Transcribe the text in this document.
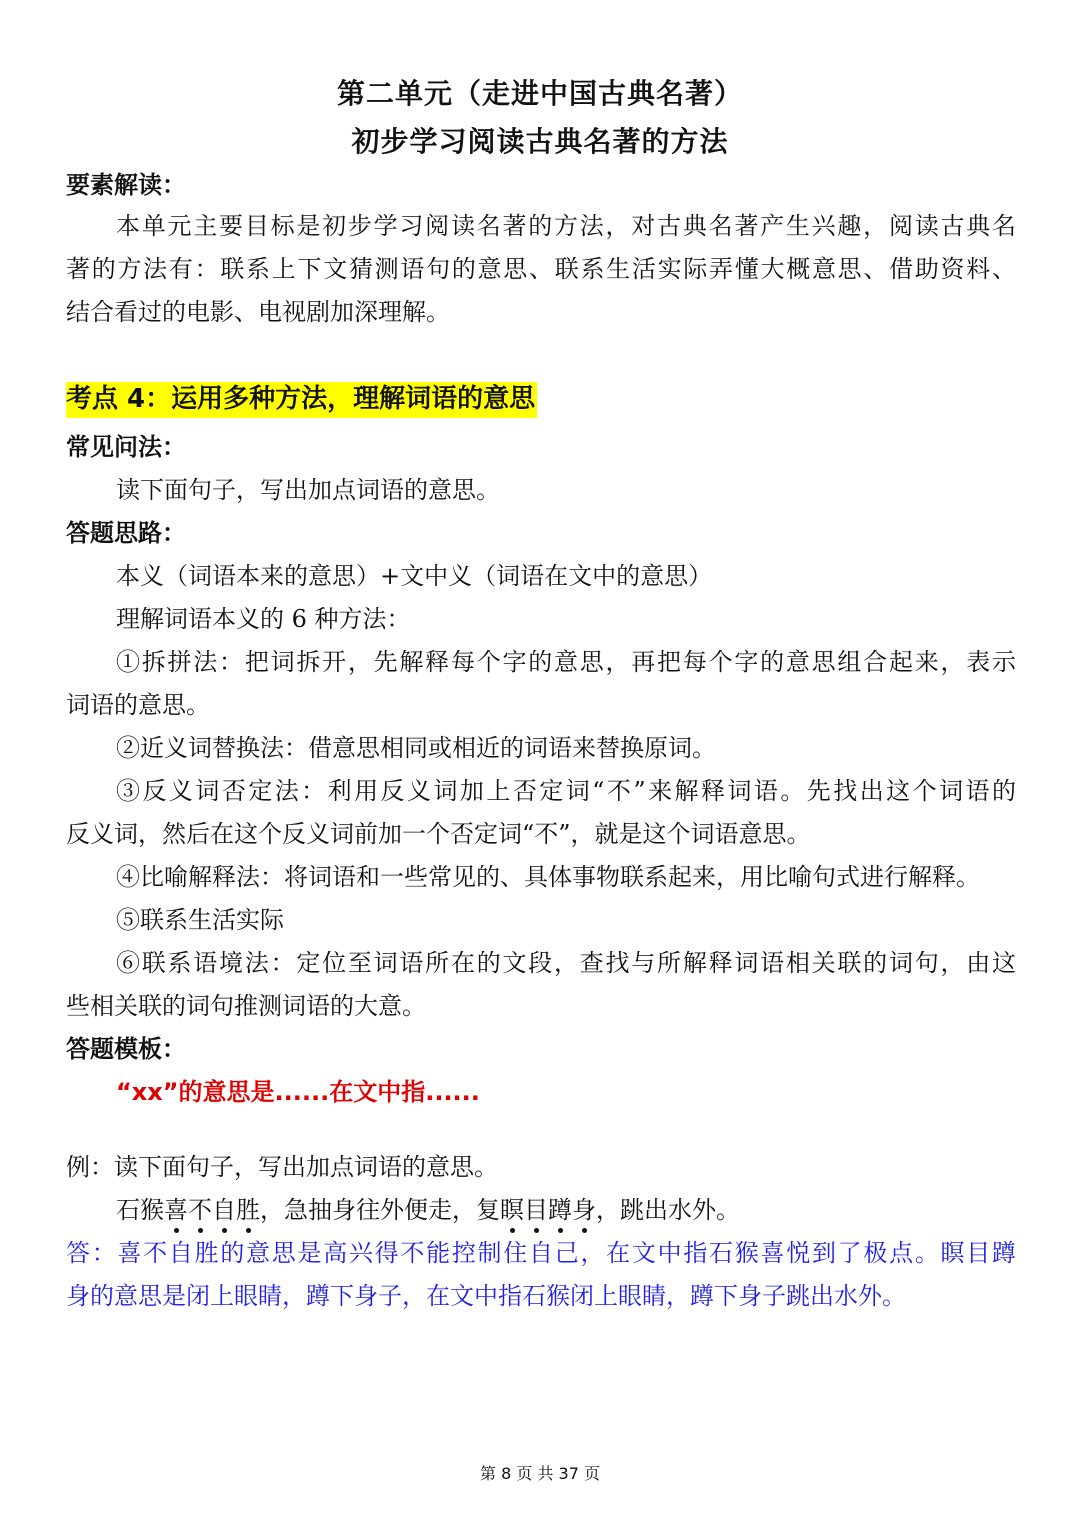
第二单元（走进中国古典名著）
初步学习阅读古典名著的方法
要素解读：
本单元主要目标是初步学习阅读名著的方法，对古典名著产生兴趣，阅读古典名
著的方法有：联系上下文猜测语句的意思、联系生活实际弄懂大概意思、借助资料、
结合看过的电影、电视剧加深理解。
考点 4：运用多种方法，理解词语的意思
常见问法：
读下面句子，写出加点词语的意思。
答题思路：
本义（词语本来的意思）+文中义（词语在文中的意思）
理解词语本义的 6 种方法：
①拆拼法：把词拆开，先解释每个字的意思，再把每个字的意思组合起来，表示
词语的意思。
②近义词替换法：借意思相同或相近的词语来替换原词。
③反义词否定法：利用反义词加上否定词“不”来解释词语。先找出这个词语的
反义词，然后在这个反义词前加一个否定词“不”，就是这个词语意思。
④比喻解释法：将词语和一些常见的、具体事物联系起来，用比喻句式进行解释。
⑤联系生活实际
⑥联系语境法：定位至词语所在的文段，查找与所解释词语相关联的词句，由这
些相关联的词句推测词语的大意。
答题模板：
“xx”的意思是......在文中指......
例：读下面句子，写出加点词语的意思。
石猴喜不自胜，急抽身往外便走，复瞑目蹲身，跳出水外。
答：喜不自胜的意思是高兴得不能控制住自己，在文中指石猴喜悦到了极点。瞑目蹲
身的意思是闭上眼睛，蹲下身子，在文中指石猴闭上眼睛，蹲下身子跳出水外。
第 8 页 共 37 页
